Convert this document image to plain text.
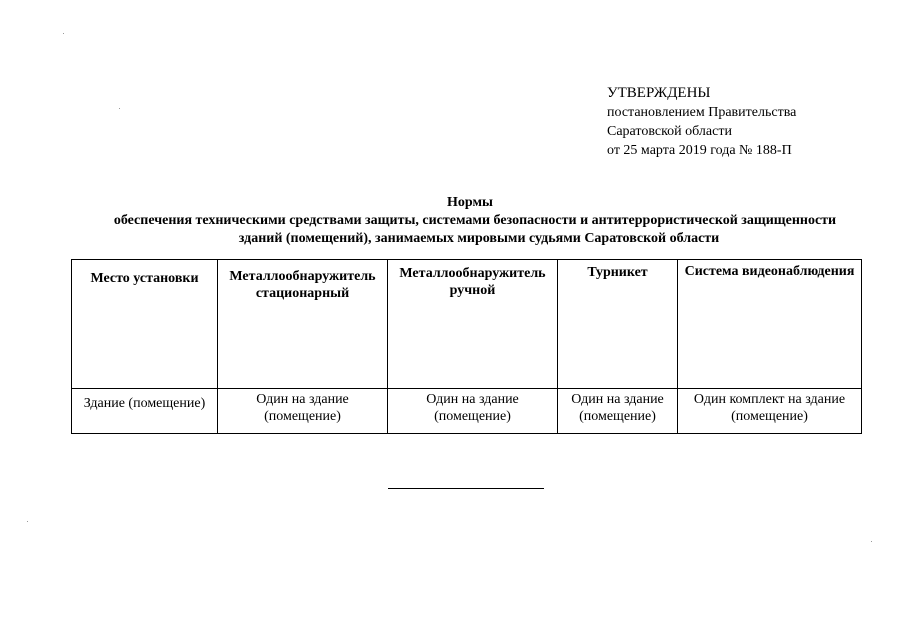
УТВЕРЖДЕНЫ
постановлением Правительства
Саратовской области
от 25 марта 2019 года № 188-П
Нормы
обеспечения техническими средствами защиты, системами безопасности и антитеррористической защищенности
зданий (помещений), занимаемых мировыми судьями Саратовской области
Место установки	Металлообнаружитель стационарный	Металлообнаружитель ручной	Турникет	Система видеонаблюдения
Здание (помещение)	Один на здание (помещение)	Один на здание (помещение)	Один на здание (помещение)	Один комплект на здание (помещение)
